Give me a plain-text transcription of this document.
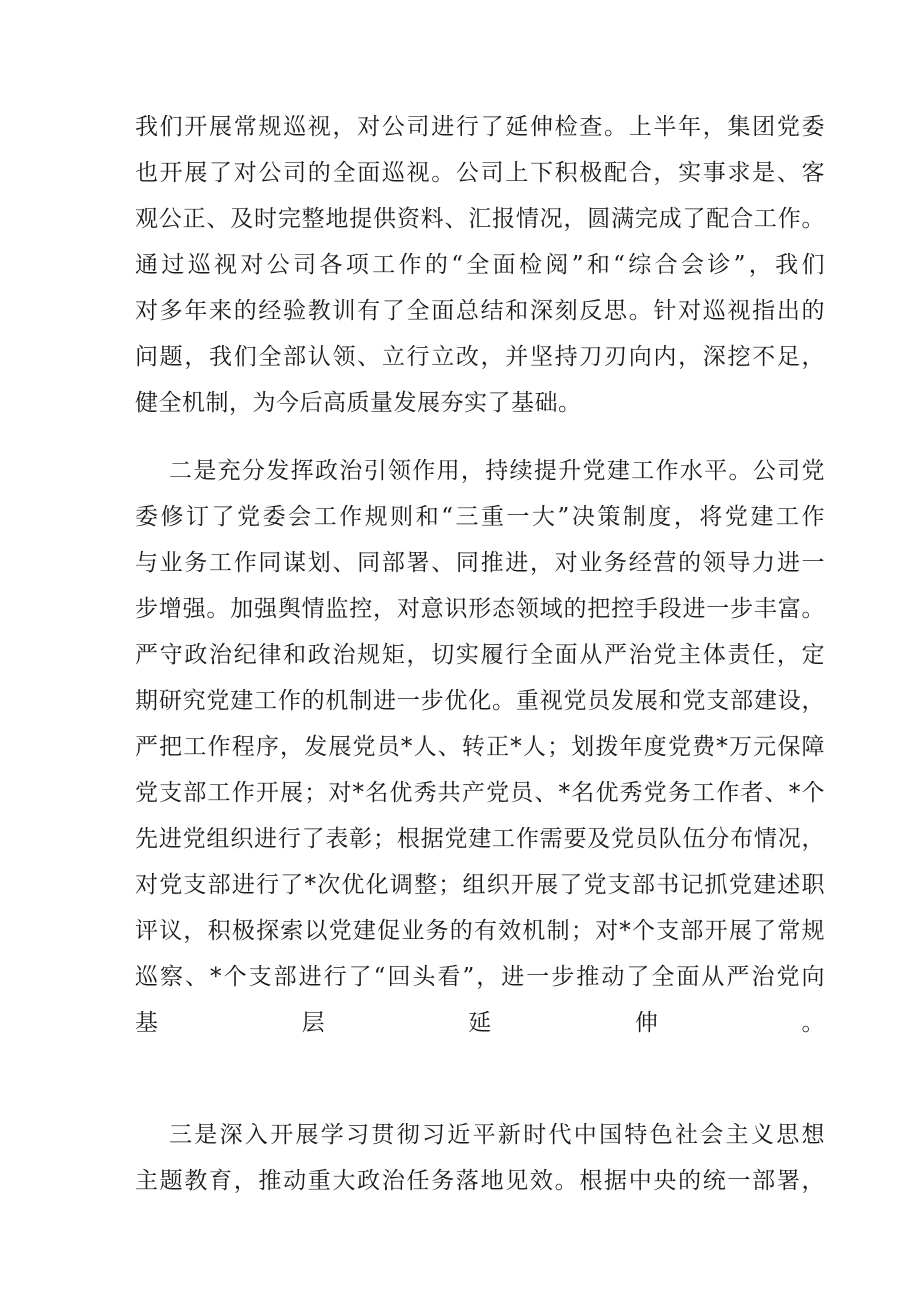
我们开展常规巡视，对公司进行了延伸检查。上半年，集团党委
也开展了对公司的全面巡视。公司上下积极配合，实事求是、客
观公正、及时完整地提供资料、汇报情况，圆满完成了配合工作。
通过巡视对公司各项工作的“全面检阅”和“综合会诊”，我们
对多年来的经验教训有了全面总结和深刻反思。针对巡视指出的
问题，我们全部认领、立行立改，并坚持刀刃向内，深挖不足，
健全机制，为今后高质量发展夯实了基础。
二是充分发挥政治引领作用，持续提升党建工作水平。公司党
委修订了党委会工作规则和“三重一大”决策制度，将党建工作
与业务工作同谋划、同部署、同推进，对业务经营的领导力进一
步增强。加强舆情监控，对意识形态领域的把控手段进一步丰富。
严守政治纪律和政治规矩，切实履行全面从严治党主体责任，定
期研究党建工作的机制进一步优化。重视党员发展和党支部建设，
严把工作程序，发展党员*人、转正*人；划拨年度党费*万元保障
党支部工作开展；对*名优秀共产党员、*名优秀党务工作者、*个
先进党组织进行了表彰；根据党建工作需要及党员队伍分布情况，
对党支部进行了*次优化调整；组织开展了党支部书记抓党建述职
评议，积极探索以党建促业务的有效机制；对*个支部开展了常规
巡察、*个支部进行了“回头看”，进一步推动了全面从严治党向
基层延伸。
三是深入开展学习贯彻习近平新时代中国特色社会主义思想
主题教育，推动重大政治任务落地见效。根据中央的统一部署，
